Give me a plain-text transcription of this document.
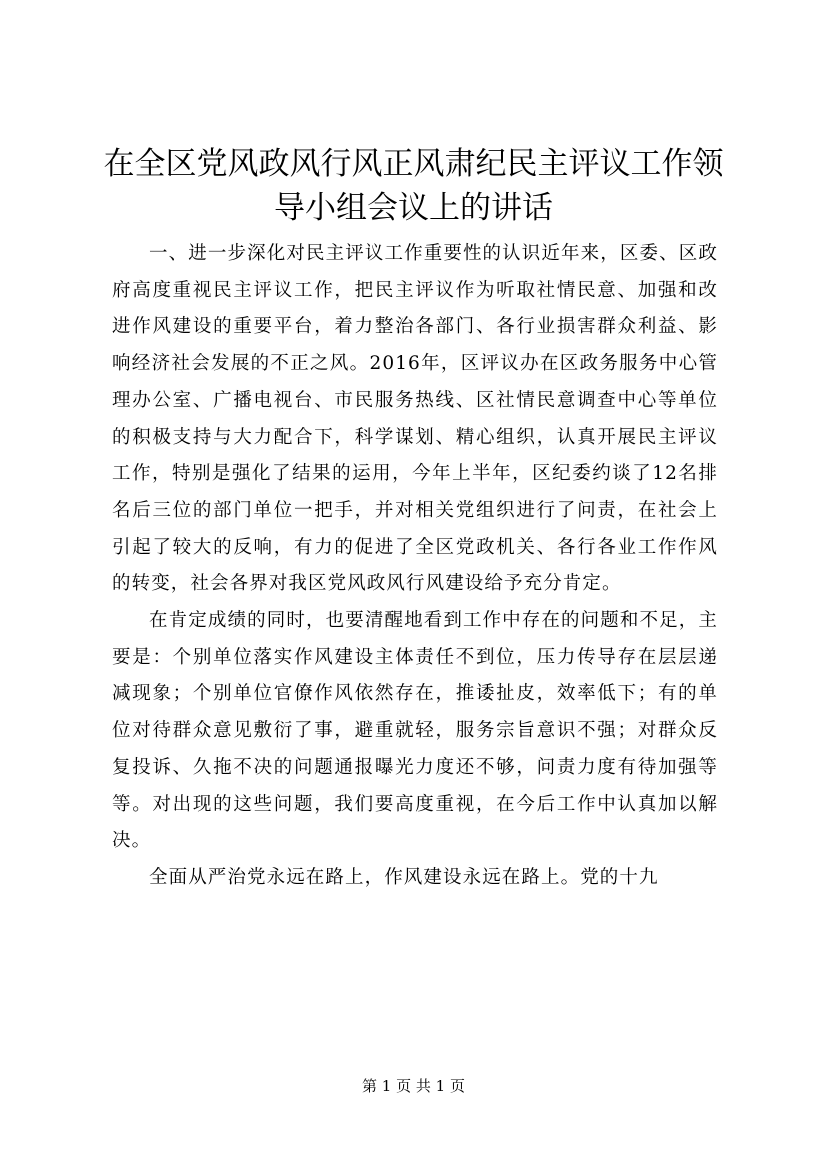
在全区党风政风行风正风肃纪民主评议工作领导小组会议上的讲话

一、进一步深化对民主评议工作重要性的认识近年来，区委、区政府高度重视民主评议工作，把民主评议作为听取社情民意、加强和改进作风建设的重要平台，着力整治各部门、各行业损害群众利益、影响经济社会发展的不正之风。2016年，区评议办在区政务服务中心管理办公室、广播电视台、市民服务热线、区社情民意调查中心等单位的积极支持与大力配合下，科学谋划、精心组织，认真开展民主评议工作，特别是强化了结果的运用，今年上半年，区纪委约谈了12名排名后三位的部门单位一把手，并对相关党组织进行了问责，在社会上引起了较大的反响，有力的促进了全区党政机关、各行各业工作作风的转变，社会各界对我区党风政风行风建设给予充分肯定。

在肯定成绩的同时，也要清醒地看到工作中存在的问题和不足，主要是：个别单位落实作风建设主体责任不到位，压力传导存在层层递减现象；个别单位官僚作风依然存在，推诿扯皮，效率低下；有的单位对待群众意见敷衍了事，避重就轻，服务宗旨意识不强；对群众反复投诉、久拖不决的问题通报曝光力度还不够，问责力度有待加强等等。对出现的这些问题，我们要高度重视，在今后工作中认真加以解决。

全面从严治党永远在路上，作风建设永远在路上。党的十九

第 1 页 共 1 页
